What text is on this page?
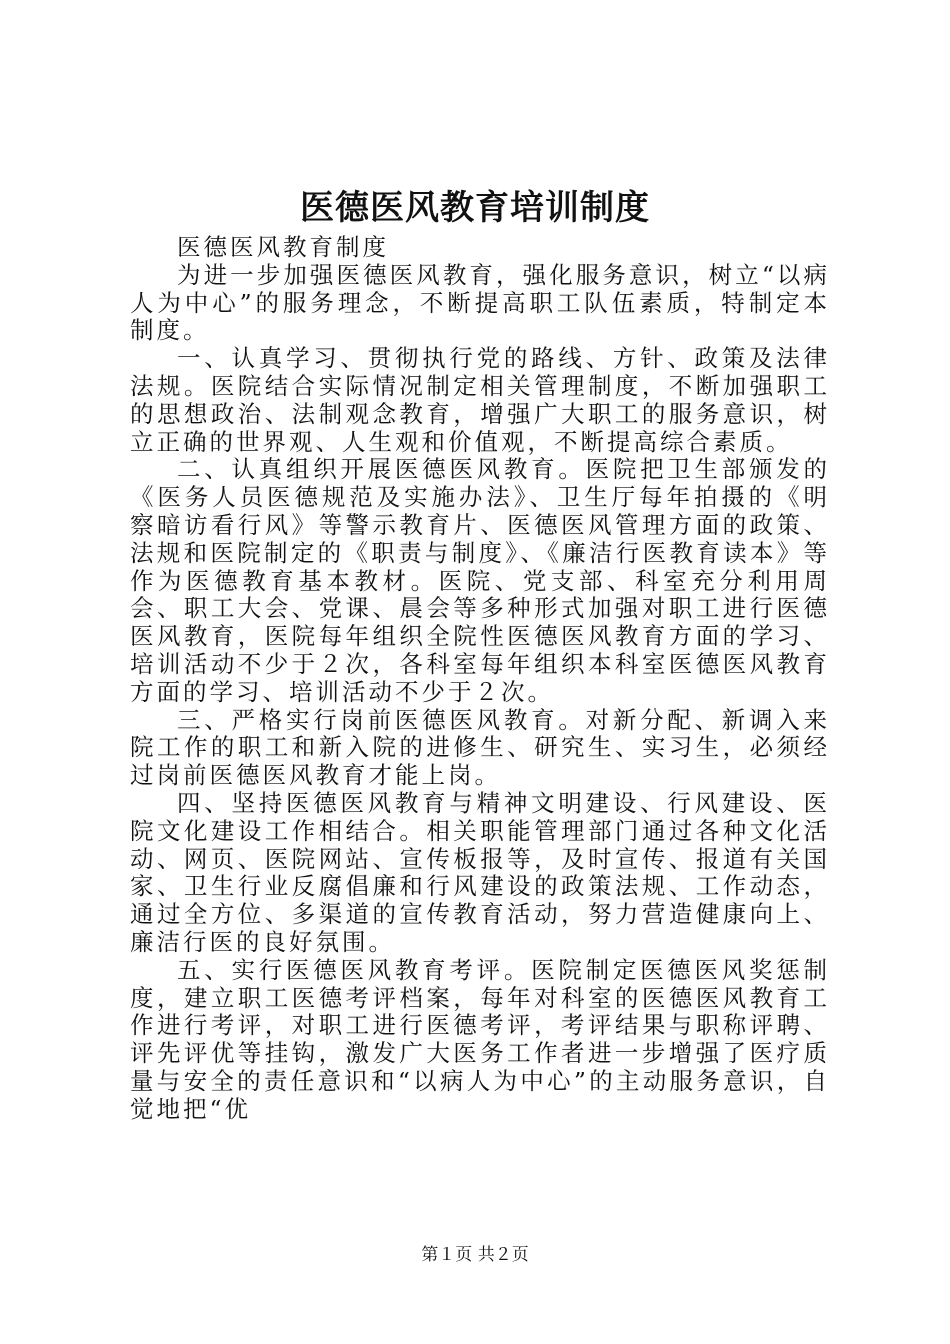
医德医风教育培训制度

医德医风教育制度

为进一步加强医德医风教育，强化服务意识，树立“以病人为中心”的服务理念，不断提高职工队伍素质，特制定本制度。

一、认真学习、贯彻执行党的路线、方针、政策及法律法规。医院结合实际情况制定相关管理制度，不断加强职工的思想政治、法制观念教育，增强广大职工的服务意识，树立正确的世界观、人生观和价值观，不断提高综合素质。

二、认真组织开展医德医风教育。医院把卫生部颁发的《医务人员医德规范及实施办法》、卫生厅每年拍摄的《明察暗访看行风》等警示教育片、医德医风管理方面的政策、法规和医院制定的《职责与制度》、《廉洁行医教育读本》等作为医德教育基本教材。医院、党支部、科室充分利用周会、职工大会、党课、晨会等多种形式加强对职工进行医德医风教育，医院每年组织全院性医德医风教育方面的学习、培训活动不少于２次，各科室每年组织本科室医德医风教育方面的学习、培训活动不少于２次。

三、严格实行岗前医德医风教育。对新分配、新调入来院工作的职工和新入院的进修生、研究生、实习生，必须经过岗前医德医风教育才能上岗。

四、坚持医德医风教育与精神文明建设、行风建设、医院文化建设工作相结合。相关职能管理部门通过各种文化活动、网页、医院网站、宣传板报等，及时宣传、报道有关国家、卫生行业反腐倡廉和行风建设的政策法规、工作动态，通过全方位、多渠道的宣传教育活动，努力营造健康向上、廉洁行医的良好氛围。

五、实行医德医风教育考评。医院制定医德医风奖惩制度，建立职工医德考评档案，每年对科室的医德医风教育工作进行考评，对职工进行医德考评，考评结果与职称评聘、评先评优等挂钩，激发广大医务工作者进一步增强了医疗质量与安全的责任意识和“以病人为中心”的主动服务意识，自觉地把“优

第１页 共２页
